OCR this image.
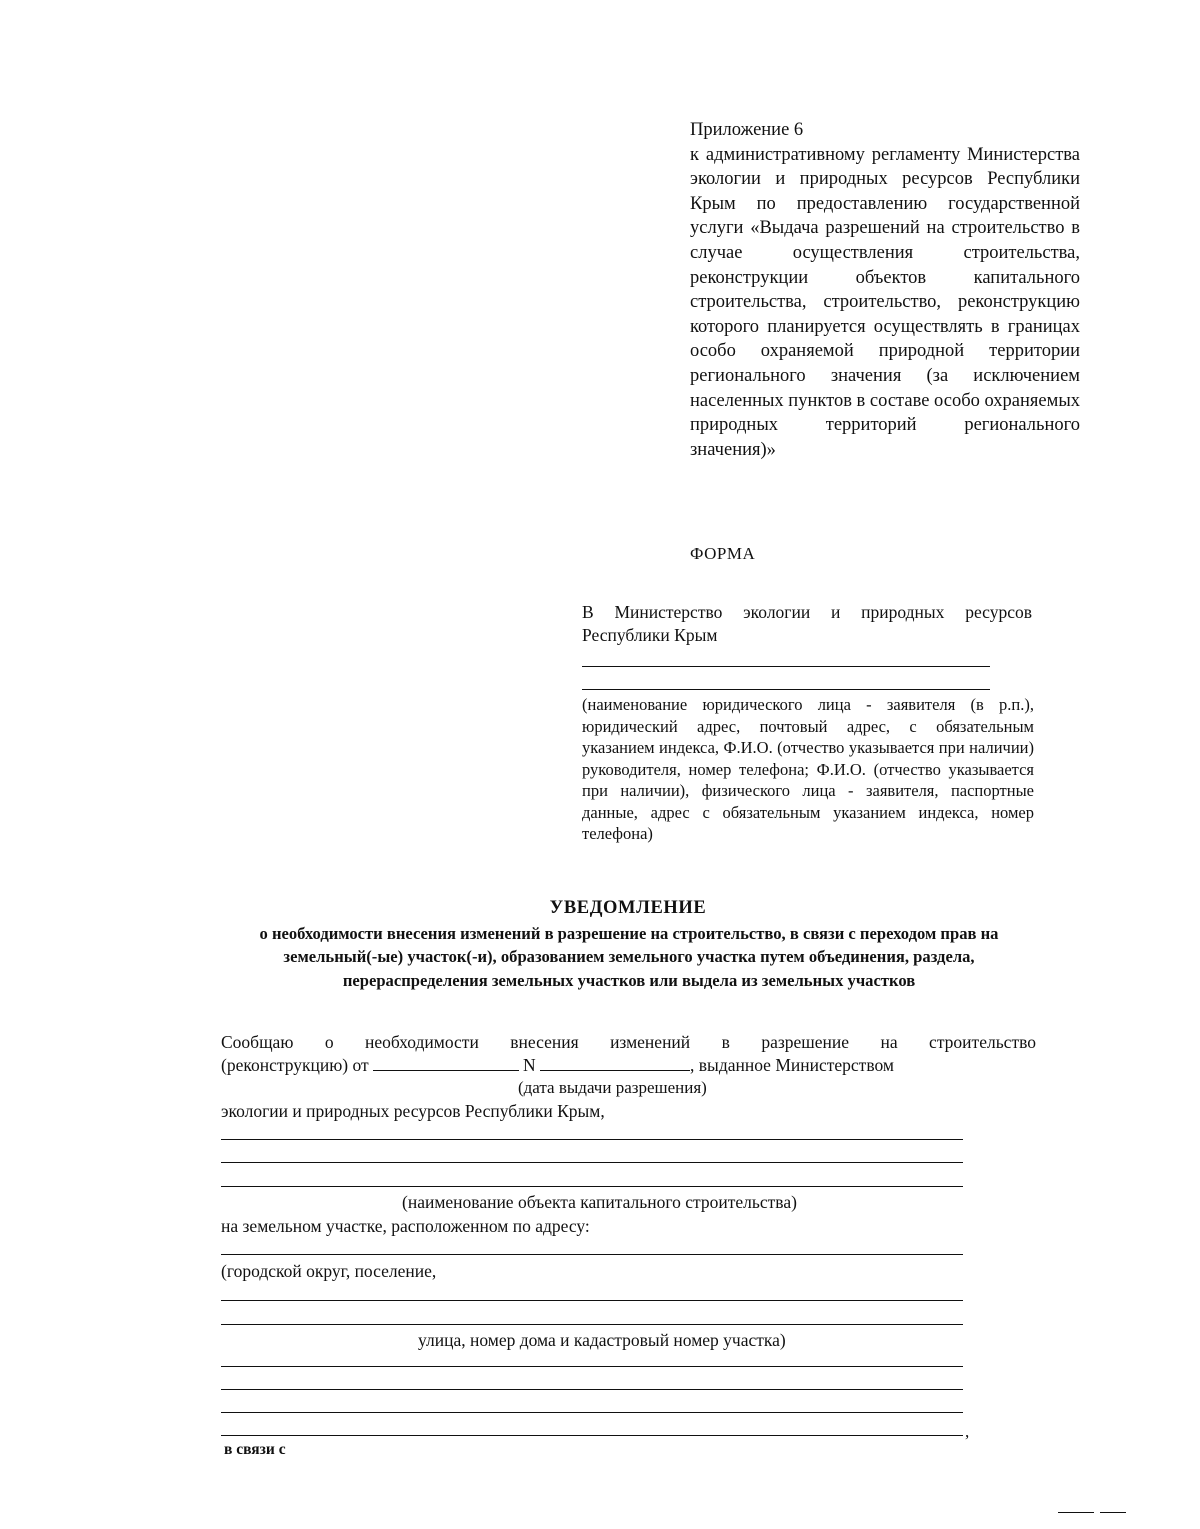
Приложение 6
к административному регламенту Министерства экологии и природных ресурсов Республики Крым по предоставлению государственной услуги «Выдача разрешений на строительство в случае осуществления строительства, реконструкции объектов капитального строительства, строительство, реконструкцию которого планируется осуществлять в границах особо охраняемой природной территории регионального значения (за исключением населенных пунктов в составе особо охраняемых природных территорий регионального значения)»
ФОРМА
В Министерство экологии и природных ресурсов Республики Крым
(наименование юридического лица - заявителя (в р.п.), юридический адрес, почтовый адрес, с обязательным указанием индекса, Ф.И.О. (отчество указывается при наличии) руководителя, номер телефона; Ф.И.О. (отчество указывается при наличии), физического лица - заявителя, паспортные данные, адрес с обязательным указанием индекса, номер телефона)
УВЕДОМЛЕНИЕ
о необходимости внесения изменений в разрешение на строительство, в связи с переходом прав на земельный(-ые) участок(-и), образованием земельного участка путем объединения, раздела, перераспределения земельных участков или выдела из земельных участков
Сообщаю о необходимости внесения изменений в разрешение на строительство
(реконструкцию) от	N	, выданное Министерством
(дата выдачи разрешения)
экологии и природных ресурсов Республики Крым,
(наименование объекта капитального строительства)
на земельном участке, расположенном по адресу:
(городской округ, поселение,
улица, номер дома и кадастровый номер участка)
,
в связи с
